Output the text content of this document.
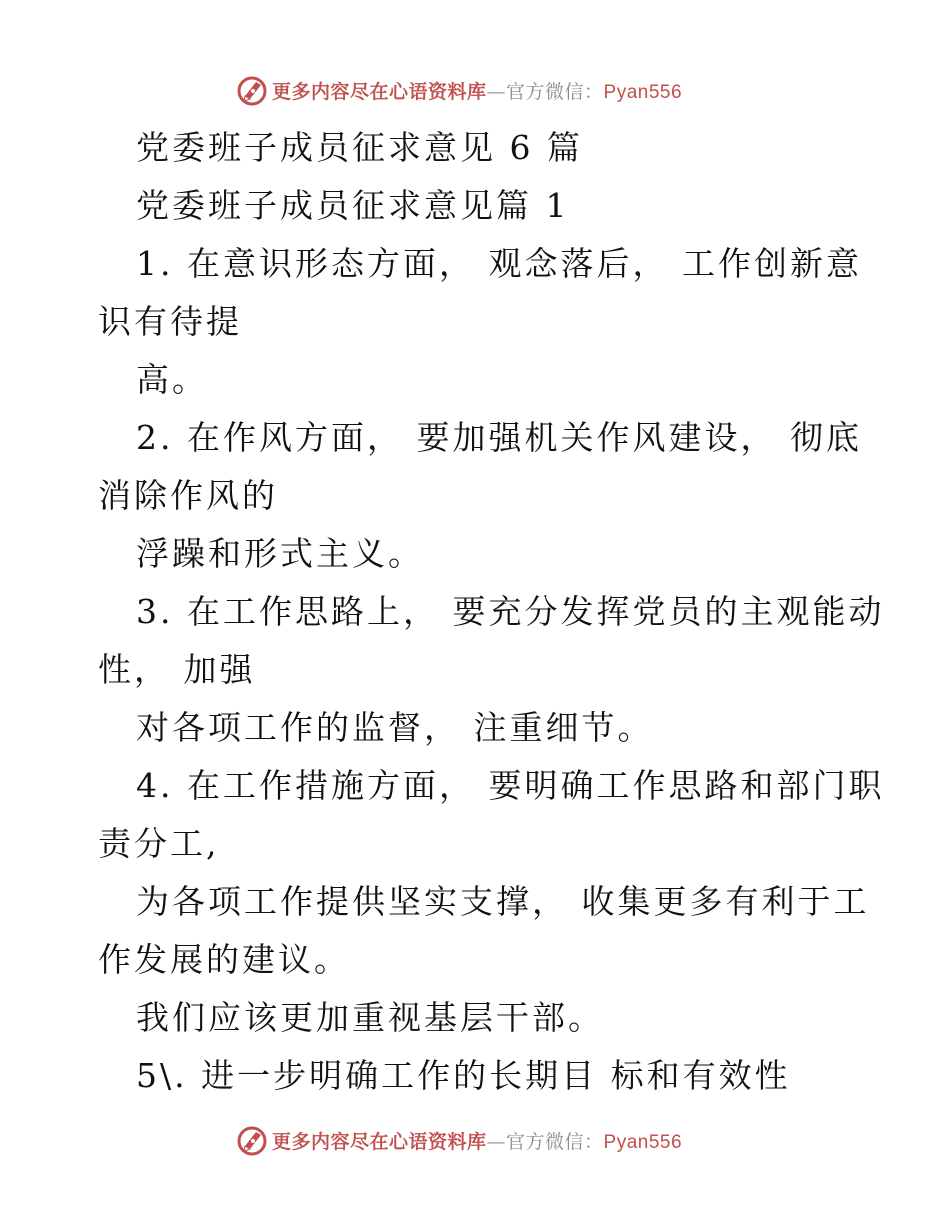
更多内容尽在心语资料库—官方微信：Pyan556
党委班子成员征求意见 6 篇
党委班子成员征求意见篇 1
1. 在意识形态方面， 观念落后， 工作创新意
识有待提
高。
2. 在作风方面， 要加强机关作风建设， 彻底
消除作风的
浮躁和形式主义。
3. 在工作思路上， 要充分发挥党员的主观能动
性， 加强
对各项工作的监督， 注重细节。
4. 在工作措施方面， 要明确工作思路和部门职
责分工,
为各项工作提供坚实支撑， 收集更多有利于工
作发展的建议。
我们应该更加重视基层干部。
5\. 进一步明确工作的长期目 标和有效性
更多内容尽在心语资料库—官方微信：Pyan556
